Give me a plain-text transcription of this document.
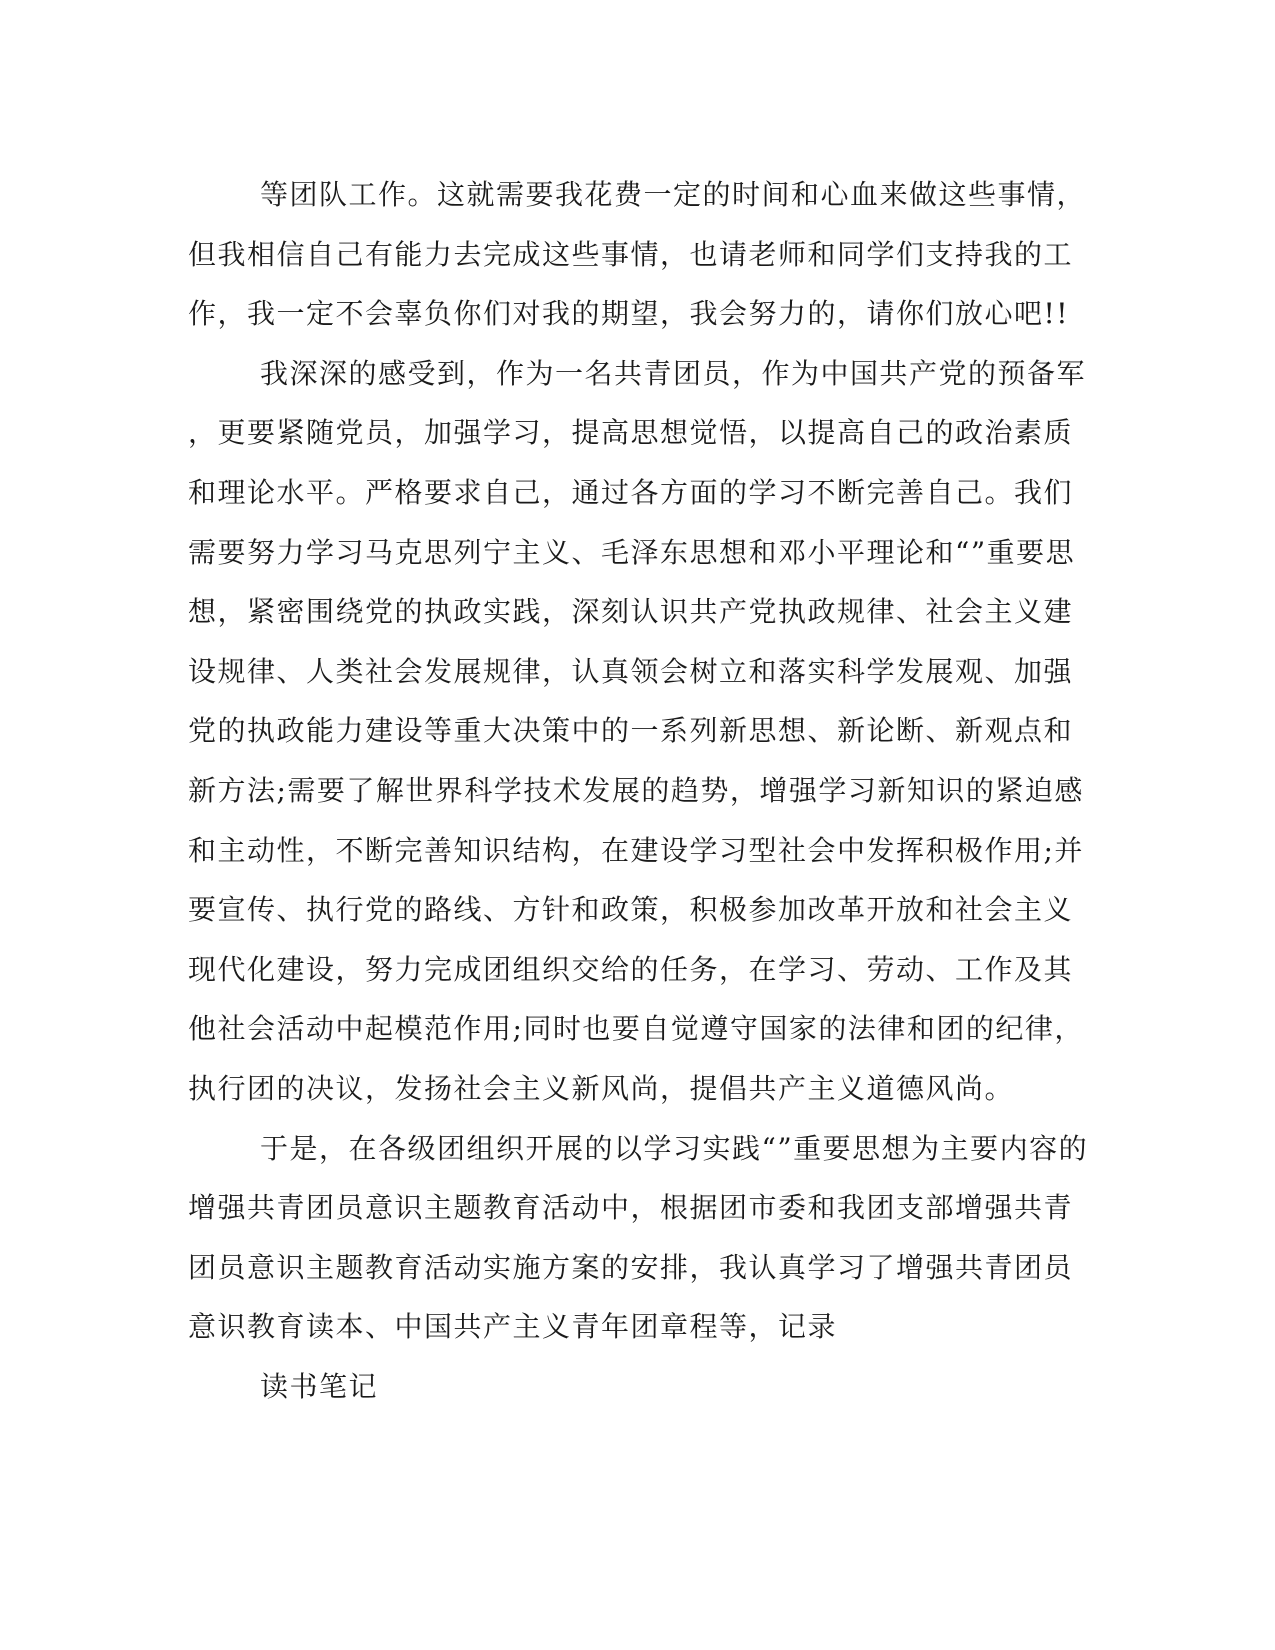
等团队工作。这就需要我花费一定的时间和心血来做这些事情，
但我相信自己有能力去完成这些事情，也请老师和同学们支持我的工
作，我一定不会辜负你们对我的期望，我会努力的，请你们放心吧!!
我深深的感受到，作为一名共青团员，作为中国共产党的预备军
，更要紧随党员，加强学习，提高思想觉悟，以提高自己的政治素质
和理论水平。严格要求自己，通过各方面的学习不断完善自己。我们
需要努力学习马克思列宁主义、毛泽东思想和邓小平理论和“”重要思
想，紧密围绕党的执政实践，深刻认识共产党执政规律、社会主义建
设规律、人类社会发展规律，认真领会树立和落实科学发展观、加强
党的执政能力建设等重大决策中的一系列新思想、新论断、新观点和
新方法;需要了解世界科学技术发展的趋势，增强学习新知识的紧迫感
和主动性，不断完善知识结构，在建设学习型社会中发挥积极作用;并
要宣传、执行党的路线、方针和政策，积极参加改革开放和社会主义
现代化建设，努力完成团组织交给的任务，在学习、劳动、工作及其
他社会活动中起模范作用;同时也要自觉遵守国家的法律和团的纪律，
执行团的决议，发扬社会主义新风尚，提倡共产主义道德风尚。
于是，在各级团组织开展的以学习实践“”重要思想为主要内容的
增强共青团员意识主题教育活动中，根据团市委和我团支部增强共青
团员意识主题教育活动实施方案的安排，我认真学习了增强共青团员
意识教育读本、中国共产主义青年团章程等，记录
读书笔记
